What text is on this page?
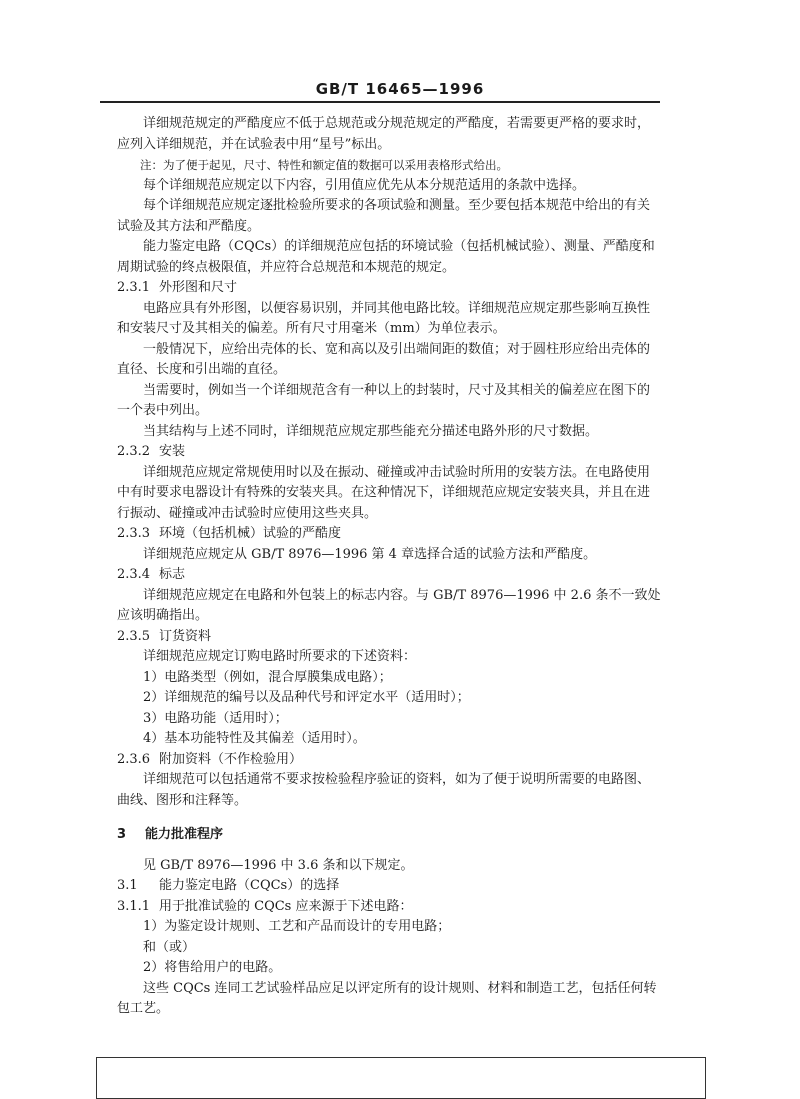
GB/T 16465—1996

详细规范规定的严酷度应不低于总规范或分规范规定的严酷度，若需要更严格的要求时，应列入详细规范，并在试验表中用“星号”标出。

注：为了便于起见，尺寸、特性和额定值的数据可以采用表格形式给出。

每个详细规范应规定以下内容，引用值应优先从本分规范适用的条款中选择。

每个详细规范应规定逐批检验所要求的各项试验和测量。至少要包括本规范中给出的有关试验及其方法和严酷度。

能力鉴定电路（CQCs）的详细规范应包括的环境试验（包括机械试验）、测量、严酷度和周期试验的终点极限值，并应符合总规范和本规范的规定。

2.3.1 外形图和尺寸

电路应具有外形图，以便容易识别，并同其他电路比较。详细规范应规定那些影响互换性和安装尺寸及其相关的偏差。所有尺寸用毫米（mm）为单位表示。

一般情况下，应给出壳体的长、宽和高以及引出端间距的数值；对于圆柱形应给出壳体的直径、长度和引出端的直径。

当需要时，例如当一个详细规范含有一种以上的封装时，尺寸及其相关的偏差应在图下的一个表中列出。

当其结构与上述不同时，详细规范应规定那些能充分描述电路外形的尺寸数据。

2.3.2 安装

详细规范应规定常规使用时以及在振动、碰撞或冲击试验时所用的安装方法。在电路使用中有时要求电器设计有特殊的安装夹具。在这种情况下，详细规范应规定安装夹具，并且在进行振动、碰撞或冲击试验时应使用这些夹具。

2.3.3 环境（包括机械）试验的严酷度

详细规范应规定从 GB/T 8976—1996 第 4 章选择合适的试验方法和严酷度。

2.3.4 标志

详细规范应规定在电路和外包装上的标志内容。与 GB/T 8976—1996 中 2.6 条不一致处应该明确指出。

2.3.5 订货资料

详细规范应规定订购电路时所要求的下述资料：

1）电路类型（例如，混合厚膜集成电路）；
2）详细规范的编号以及品种代号和评定水平（适用时）；
3）电路功能（适用时）；
4）基本功能特性及其偏差（适用时）。

2.3.6 附加资料（不作检验用）

详细规范可以包括通常不要求按检验程序验证的资料，如为了便于说明所需要的电路图、曲线、图形和注释等。

3 能力批准程序

见 GB/T 8976—1996 中 3.6 条和以下规定。

3.1 能力鉴定电路（CQCs）的选择

3.1.1 用于批准试验的 CQCs 应来源于下述电路：

1）为鉴定设计规则、工艺和产品而设计的专用电路；
和（或）
2）将售给用户的电路。

这些 CQCs 连同工艺试验样品应足以评定所有的设计规则、材料和制造工艺，包括任何转包工艺。
